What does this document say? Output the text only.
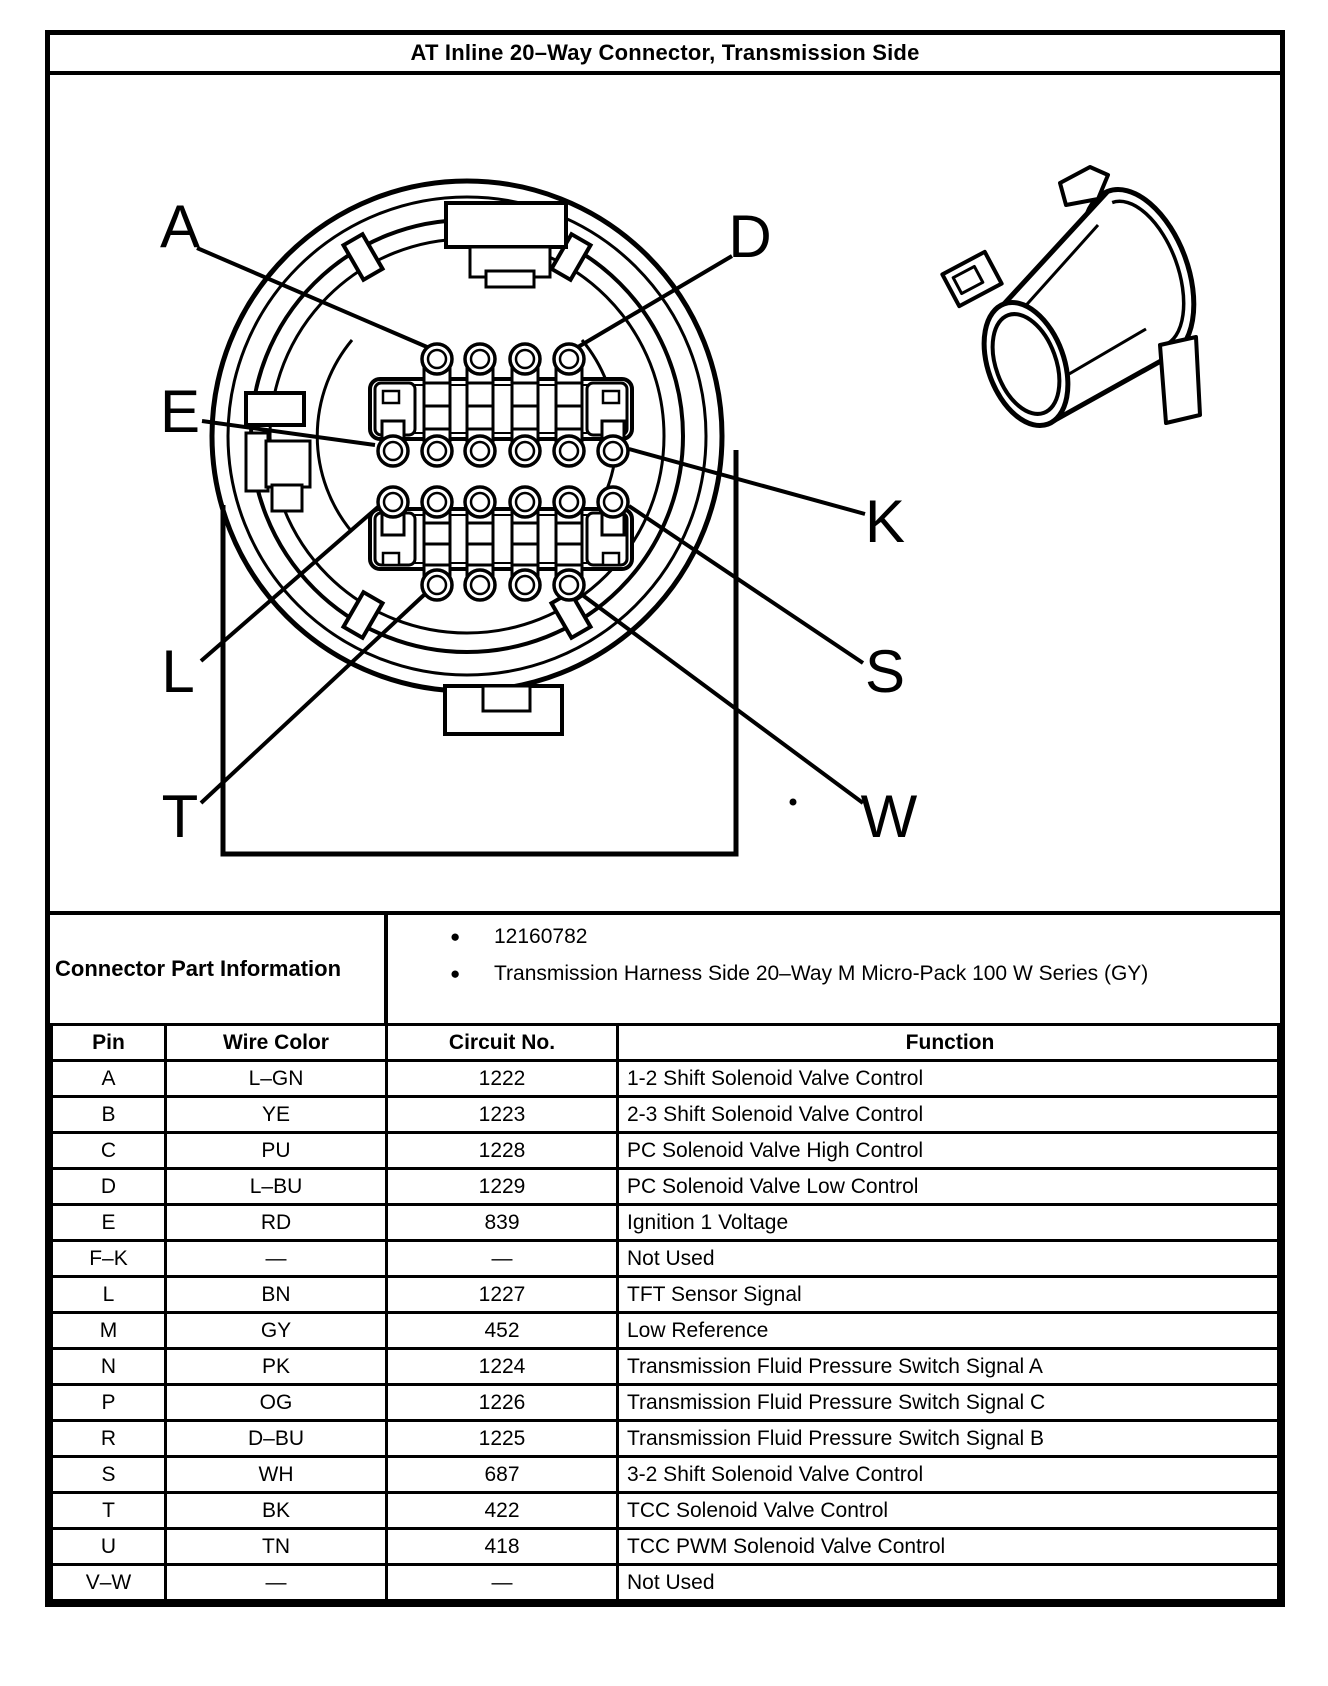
AT Inline 20–Way Connector, Transmission Side
A	D
E
K
L	S
T	W
Connector Part Information
●	12160782
●	Transmission Harness Side 20–Way M Micro-Pack 100 W Series (GY)
Pin	Wire Color	Circuit No.	Function
A	L–GN	1222	1-2 Shift Solenoid Valve Control
B	YE	1223	2-3 Shift Solenoid Valve Control
C	PU	1228	PC Solenoid Valve High Control
D	L–BU	1229	PC Solenoid Valve Low Control
E	RD	839	Ignition 1 Voltage
F–K	—	—	Not Used
L	BN	1227	TFT Sensor Signal
M	GY	452	Low Reference
N	PK	1224	Transmission Fluid Pressure Switch Signal A
P	OG	1226	Transmission Fluid Pressure Switch Signal C
R	D–BU	1225	Transmission Fluid Pressure Switch Signal B
S	WH	687	3-2 Shift Solenoid Valve Control
T	BK	422	TCC Solenoid Valve Control
U	TN	418	TCC PWM Solenoid Valve Control
V–W	—	—	Not Used
